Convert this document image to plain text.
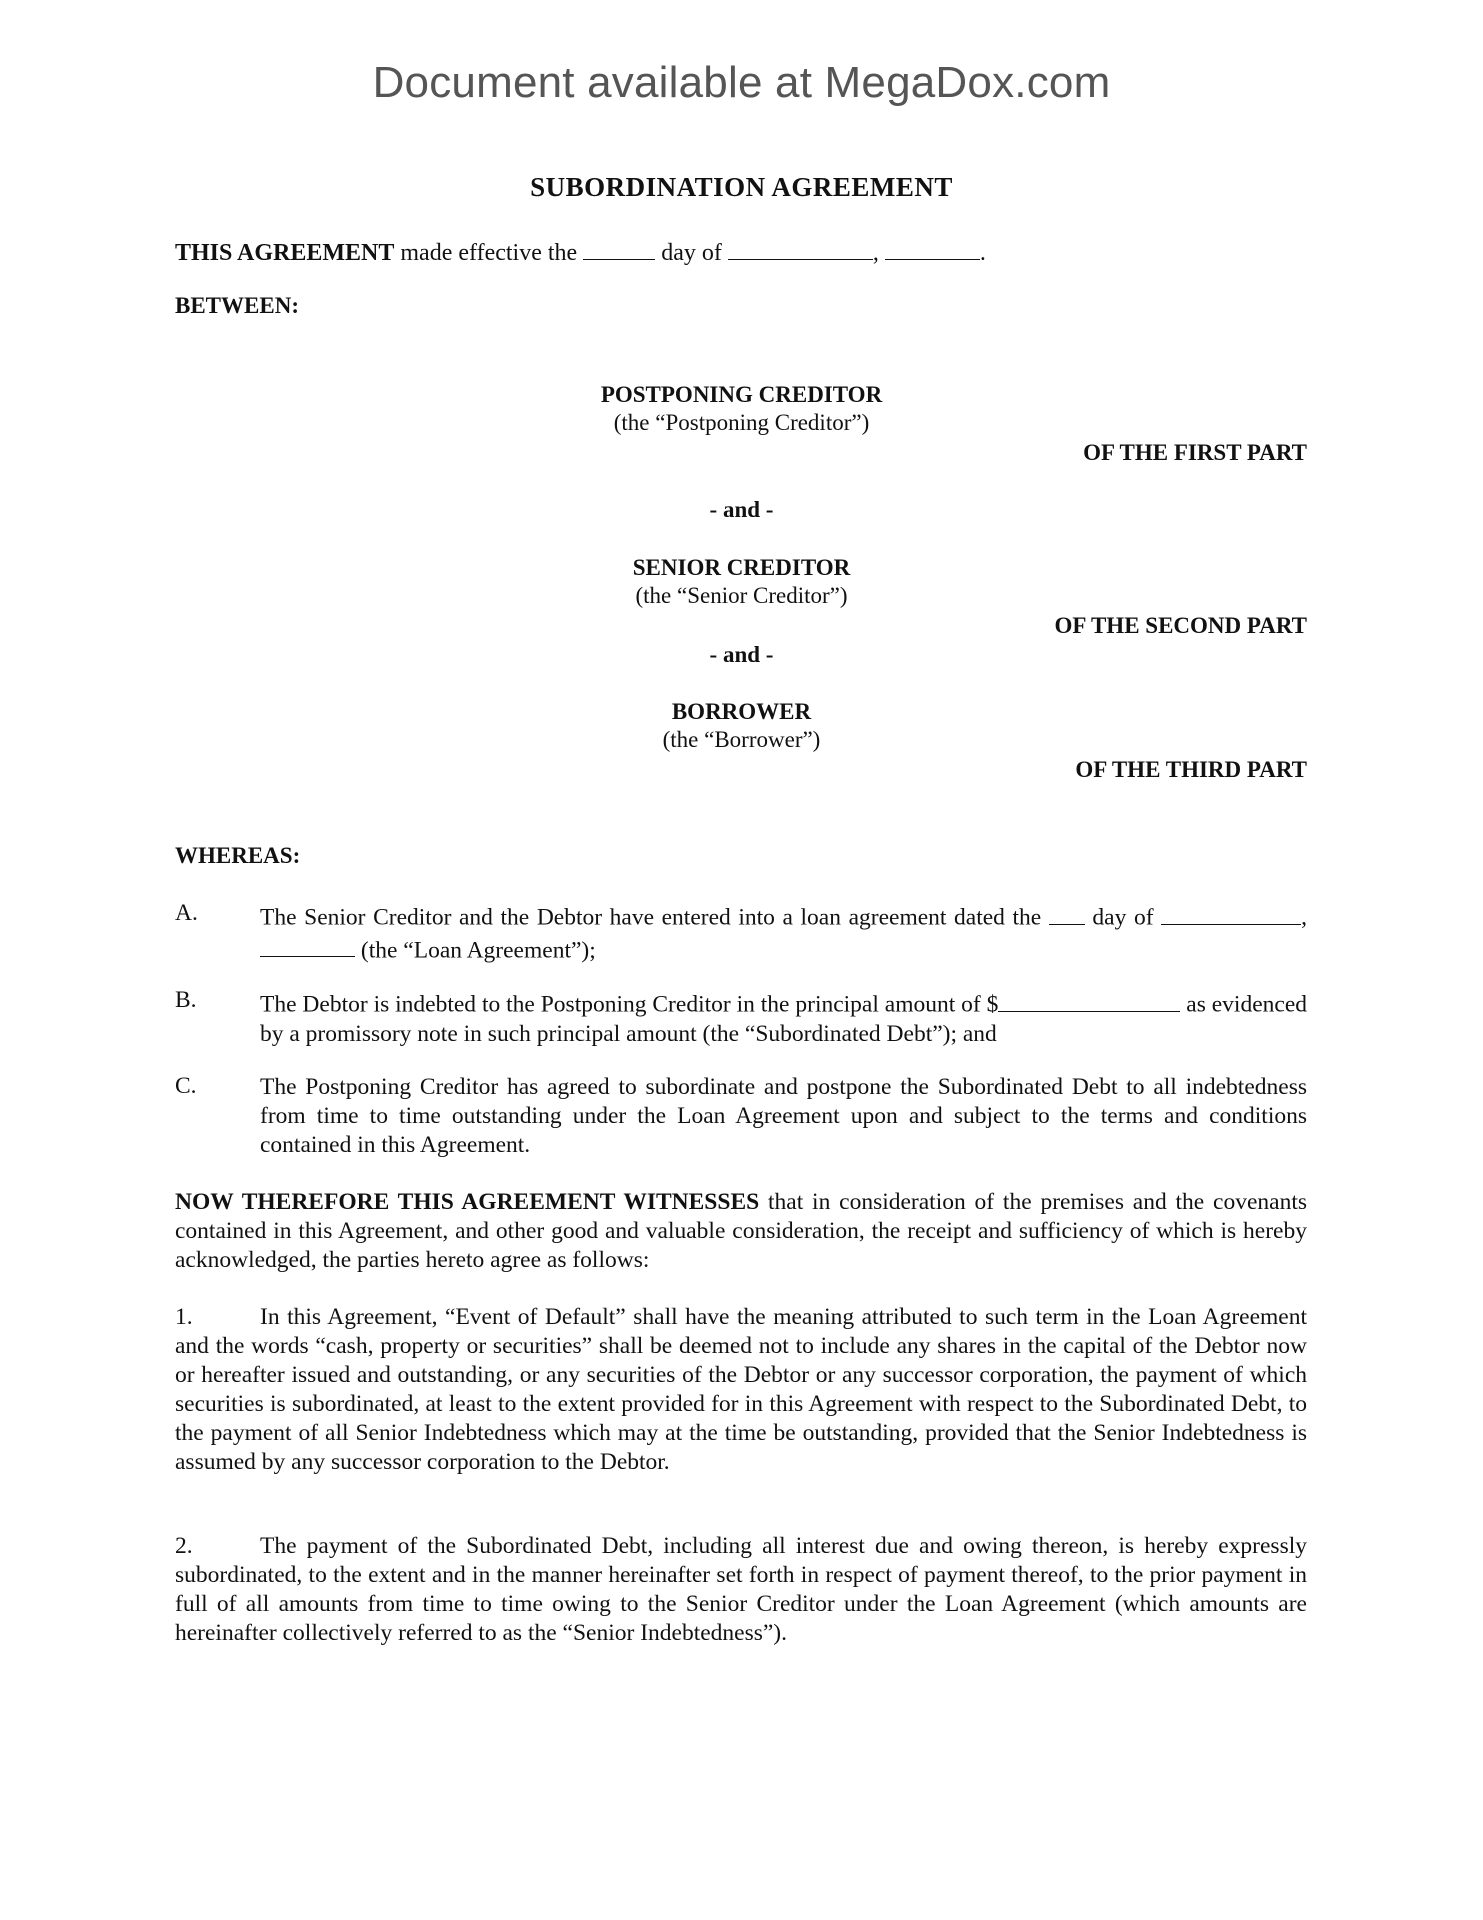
Document available at MegaDox.com
SUBORDINATION AGREEMENT
THIS AGREEMENT made effective the	day of	,	.
BETWEEN:
POSTPONING CREDITOR
(the “Postponing Creditor”)
OF THE FIRST PART
- and -
SENIOR CREDITOR
(the “Senior Creditor”)
OF THE SECOND PART
- and -
BORROWER
(the “Borrower”)
OF THE THIRD PART
WHEREAS:
A.	The Senior Creditor and the Debtor have entered into a loan agreement dated the  day of	,  (the “Loan Agreement”);
B.	The Debtor is indebted to the Postponing Creditor in the principal amount of $	as evidenced by a promissory note in such principal amount (the “Subordinated Debt”); and
C.	The Postponing Creditor has agreed to subordinate and postpone the Subordinated Debt to all indebtedness from time to time outstanding under the Loan Agreement upon and subject to the terms and conditions contained in this Agreement.
NOW THEREFORE THIS AGREEMENT WITNESSES that in consideration of the premises and the covenants contained in this Agreement, and other good and valuable consideration, the receipt and sufficiency of which is hereby acknowledged, the parties hereto agree as follows:
1.	In this Agreement, “Event of Default” shall have the meaning attributed to such term in the Loan Agreement and the words “cash, property or securities” shall be deemed not to include any shares in the capital of the Debtor now or hereafter issued and outstanding, or any securities of the Debtor or any successor corporation, the payment of which securities is subordinated, at least to the extent provided for in this Agreement with respect to the Subordinated Debt, to the payment of all Senior Indebtedness which may at the time be outstanding, provided that the Senior Indebtedness is assumed by any successor corporation to the Debtor.
2.	The payment of the Subordinated Debt, including all interest due and owing thereon, is hereby expressly subordinated, to the extent and in the manner hereinafter set forth in respect of payment thereof, to the prior payment in full of all amounts from time to time owing to the Senior Creditor under the Loan Agreement (which amounts are hereinafter collectively referred to as the “Senior Indebtedness”).
